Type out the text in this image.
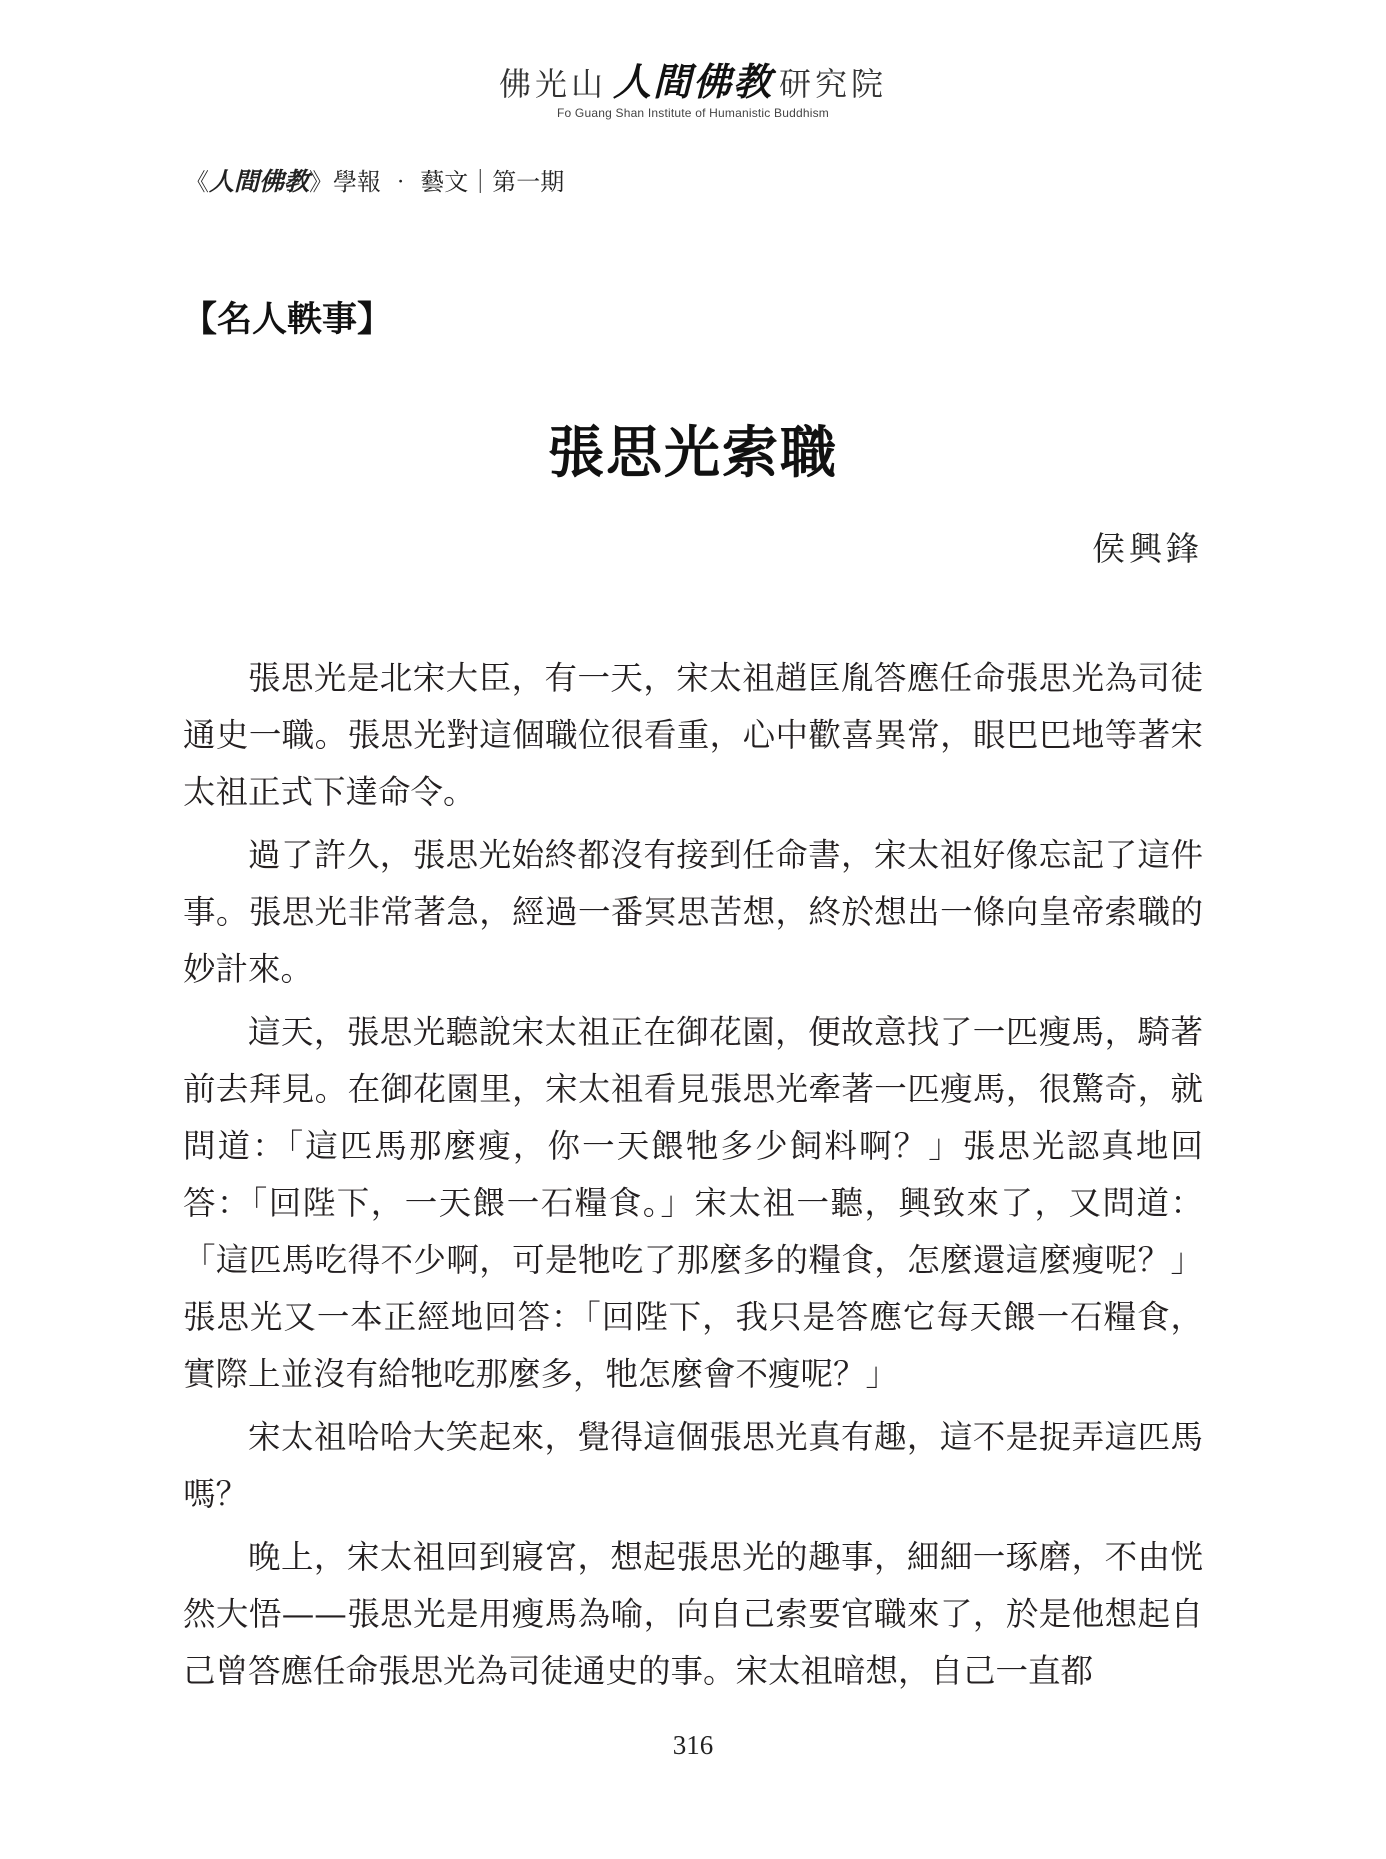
佛光山 人間佛教 研究院
Fo Guang Shan Institute of Humanistic Buddhism
《人間佛教》學報 ‧ 藝文｜第一期
【名人軼事】
張思光索職
侯興鋒

張思光是北宋大臣，有一天，宋太祖趙匡胤答應任命張思光為司徒通史一職。張思光對這個職位很看重，心中歡喜異常，眼巴巴地等著宋太祖正式下達命令。

過了許久，張思光始終都沒有接到任命書，宋太祖好像忘記了這件事。張思光非常著急，經過一番冥思苦想，終於想出一條向皇帝索職的妙計來。

這天，張思光聽說宋太祖正在御花園，便故意找了一匹瘦馬，騎著前去拜見。在御花園里，宋太祖看見張思光牽著一匹瘦馬，很驚奇，就問道：「這匹馬那麼瘦，你一天餵牠多少飼料啊？」張思光認真地回答：「回陛下，一天餵一石糧食。」宋太祖一聽，興致來了，又問道：「這匹馬吃得不少啊，可是牠吃了那麼多的糧食，怎麼還這麼瘦呢？」張思光又一本正經地回答：「回陛下，我只是答應它每天餵一石糧食，實際上並沒有給牠吃那麼多，牠怎麼會不瘦呢？」

宋太祖哈哈大笑起來，覺得這個張思光真有趣，這不是捉弄這匹馬嗎？

晚上，宋太祖回到寢宮，想起張思光的趣事，細細一琢磨，不由恍然大悟——張思光是用瘦馬為喻，向自己索要官職來了，於是他想起自己曾答應任命張思光為司徒通史的事。宋太祖暗想，自己一直都

316
